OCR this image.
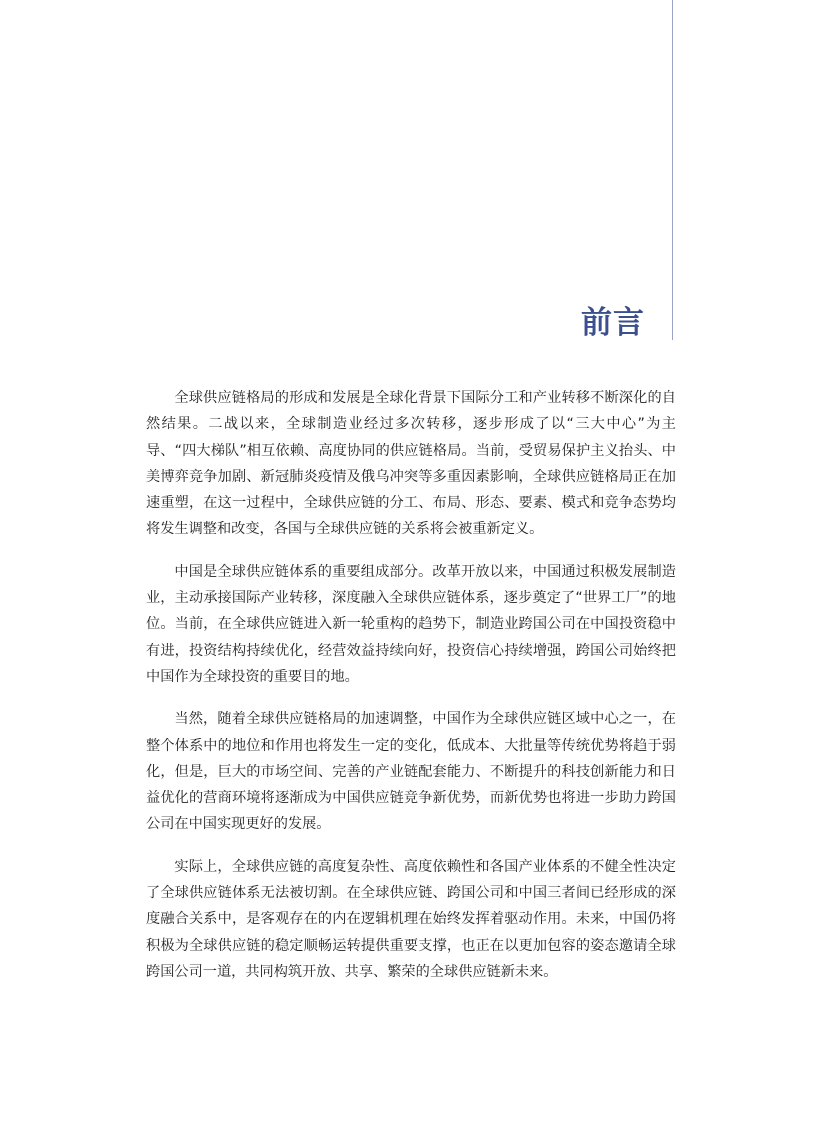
前言

全球供应链格局的形成和发展是全球化背景下国际分工和产业转移不断深化的自然结果。二战以来，全球制造业经过多次转移，逐步形成了以“三大中心”为主导、“四大梯队”相互依赖、高度协同的供应链格局。当前，受贸易保护主义抬头、中美博弈竞争加剧、新冠肺炎疫情及俄乌冲突等多重因素影响，全球供应链格局正在加速重塑，在这一过程中，全球供应链的分工、布局、形态、要素、模式和竞争态势均将发生调整和改变，各国与全球供应链的关系将会被重新定义。

中国是全球供应链体系的重要组成部分。改革开放以来，中国通过积极发展制造业，主动承接国际产业转移，深度融入全球供应链体系，逐步奠定了“世界工厂”的地位。当前，在全球供应链进入新一轮重构的趋势下，制造业跨国公司在中国投资稳中有进，投资结构持续优化，经营效益持续向好，投资信心持续增强，跨国公司始终把中国作为全球投资的重要目的地。

当然，随着全球供应链格局的加速调整，中国作为全球供应链区域中心之一，在整个体系中的地位和作用也将发生一定的变化，低成本、大批量等传统优势将趋于弱化，但是，巨大的市场空间、完善的产业链配套能力、不断提升的科技创新能力和日益优化的营商环境将逐渐成为中国供应链竞争新优势，而新优势也将进一步助力跨国公司在中国实现更好的发展。

实际上，全球供应链的高度复杂性、高度依赖性和各国产业体系的不健全性决定了全球供应链体系无法被切割。在全球供应链、跨国公司和中国三者间已经形成的深度融合关系中，是客观存在的内在逻辑机理在始终发挥着驱动作用。未来，中国仍将积极为全球供应链的稳定顺畅运转提供重要支撑，也正在以更加包容的姿态邀请全球跨国公司一道，共同构筑开放、共享、繁荣的全球供应链新未来。
